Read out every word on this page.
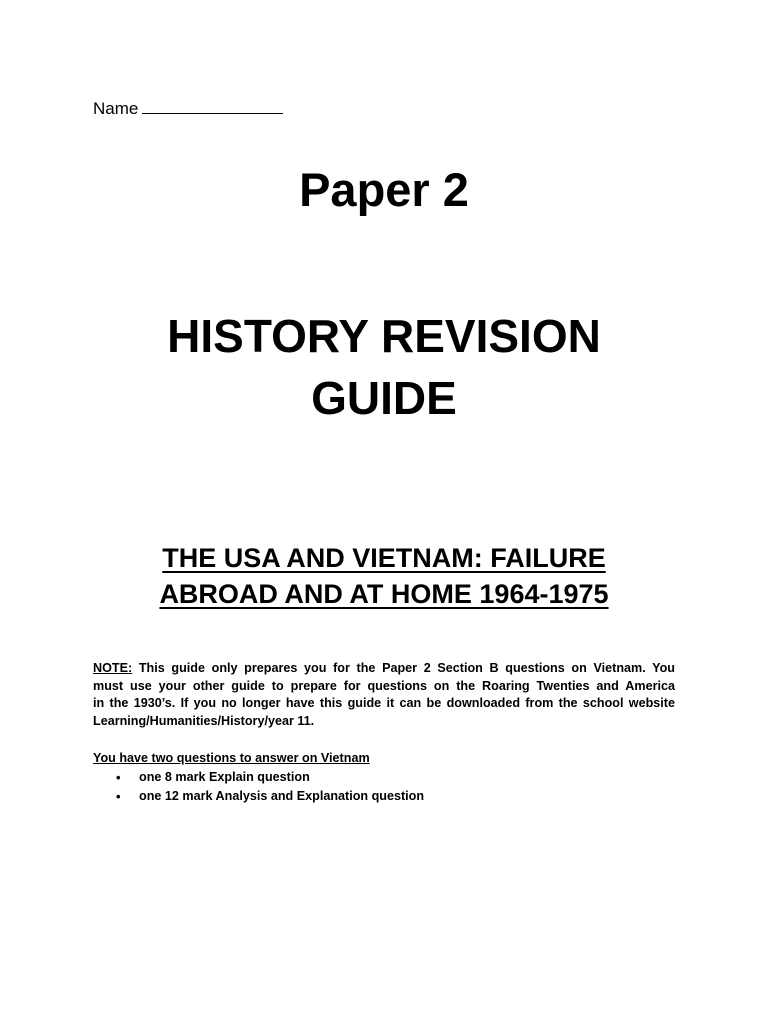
Name
Paper 2
HISTORY REVISION
GUIDE
THE USA AND VIETNAM: FAILURE
ABROAD AND AT HOME 1964-1975
NOTE: This guide only prepares you for the Paper 2 Section B questions on Vietnam. You
must use your other guide to prepare for questions on the Roaring Twenties and America
in the 1930’s. If you no longer have this guide it can be downloaded from the school website
Learning/Humanities/History/year 11.
You have two questions to answer on Vietnam
• one 8 mark Explain question
• one 12 mark Analysis and Explanation question
